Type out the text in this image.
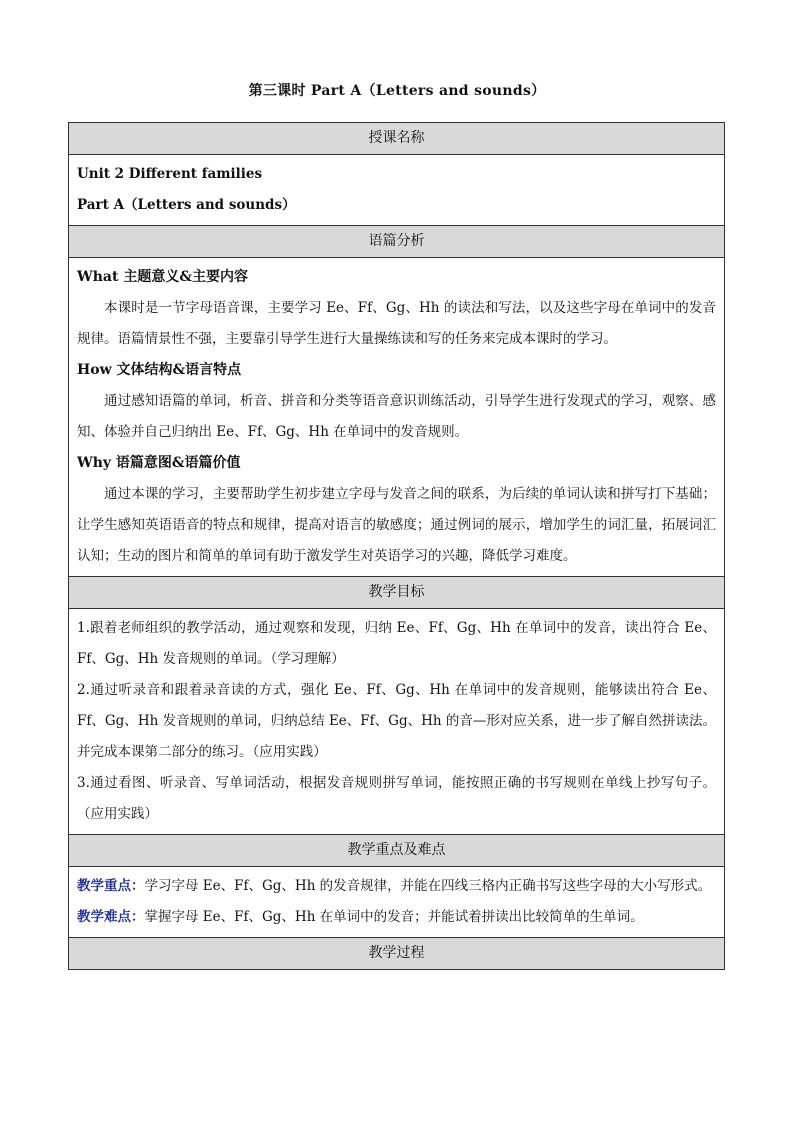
第三课时 Part A（Letters and sounds）
授课名称
Unit 2 Different families
Part A（Letters and sounds）
语篇分析
What 主题意义&主要内容
本课时是一节字母语音课，主要学习 Ee、Ff、Gg、Hh 的读法和写法，以及这些字母在单词中的发音规律。语篇情景性不强，主要靠引导学生进行大量操练读和写的任务来完成本课时的学习。
How 文体结构&语言特点
通过感知语篇的单词，析音、拼音和分类等语音意识训练活动，引导学生进行发现式的学习，观察、感知、体验并自己归纳出 Ee、Ff、Gg、Hh 在单词中的发音规则。
Why 语篇意图&语篇价值
通过本课的学习，主要帮助学生初步建立字母与发音之间的联系，为后续的单词认读和拼写打下基础；让学生感知英语语音的特点和规律，提高对语言的敏感度；通过例词的展示，增加学生的词汇量，拓展词汇认知；生动的图片和简单的单词有助于激发学生对英语学习的兴趣，降低学习难度。
教学目标
1.跟着老师组织的教学活动，通过观察和发现，归纳 Ee、Ff、Gg、Hh 在单词中的发音，读出符合 Ee、Ff、Gg、Hh 发音规则的单词。（学习理解）
2.通过听录音和跟着录音读的方式，强化 Ee、Ff、Gg、Hh 在单词中的发音规则，能够读出符合 Ee、Ff、Gg、Hh 发音规则的单词，归纳总结 Ee、Ff、Gg、Hh 的音—形对应关系，进一步了解自然拼读法。并完成本课第二部分的练习。（应用实践）
3.通过看图、听录音、写单词活动，根据发音规则拼写单词，能按照正确的书写规则在单线上抄写句子。（应用实践）
教学重点及难点
教学重点：学习字母 Ee、Ff、Gg、Hh 的发音规律，并能在四线三格内正确书写这些字母的大小写形式。
教学难点：掌握字母 Ee、Ff、Gg、Hh 在单词中的发音；并能试着拼读出比较简单的生单词。
教学过程
